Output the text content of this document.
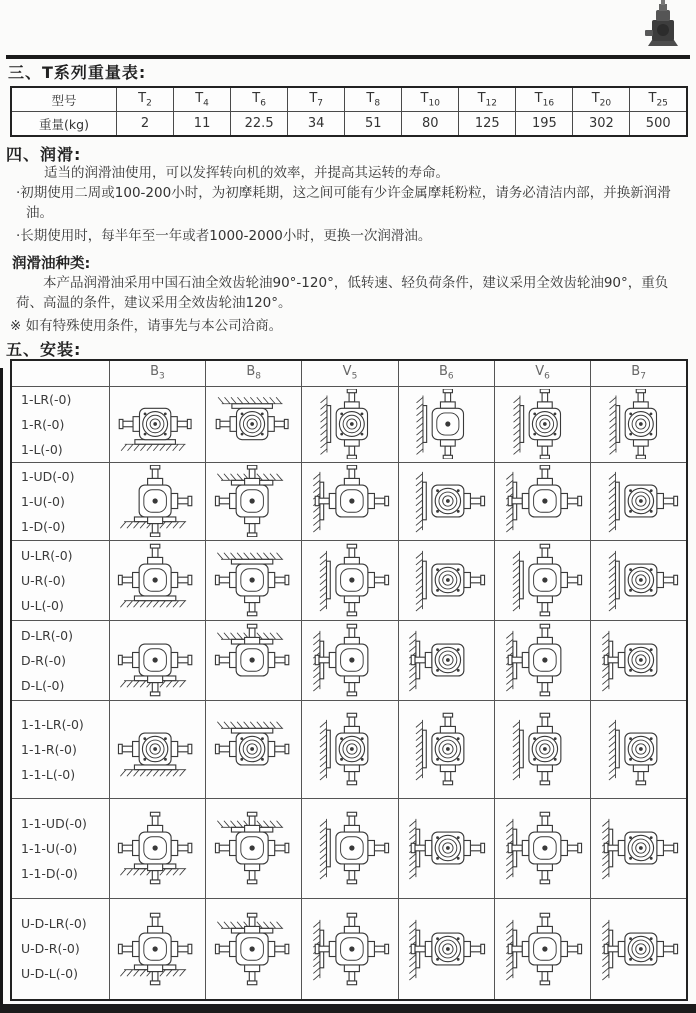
三、T系列重量表:
型号	$T_2$	$T_4$	$T_6$	$T_7$	$T_8$	$T_{10}$	$T_{12}$	$T_{16}$	$T_{20}$	$T_{25}$
重量(kg)	2	11	22.5	34	51	80	125	195	302	500
四、润滑:

适当的润滑油使用，可以发挥转向机的效率，并提高其运转的寿命。

·初期使用二周或100-200小时，为初摩耗期，这之间可能有少许金属摩耗粉粒，请务必清洁内部，并换新润滑油。

·长期使用时，每半年至一年或者1000-2000小时，更换一次润滑油。

润滑油种类:

本产品润滑油采用中国石油全效齿轮油90°-120°，低转速、轻负荷条件，建议采用全效齿轮油90°，重负荷、高温的条件，建议采用全效齿轮油120°。

※ 如有特殊使用条件，请事先与本公司洽商。

五、安装:
	$B_3$	$B_8$	$V_5$	$B_6$	$V_6$	$B_7$

1-LR(-0)
1-R(-0)
1-L(-0)

1-UD(-0)
1-U(-0)
1-D(-0)

U-LR(-0)
U-R(-0)
U-L(-0)

D-LR(-0)
D-R(-0)
D-L(-0)

1-1-LR(-0)
1-1-R(-0)
1-1-L(-0)

1-1-UD(-0)
1-1-U(-0)
1-1-D(-0)

U-D-LR(-0)
U-D-R(-0)
U-D-L(-0)
